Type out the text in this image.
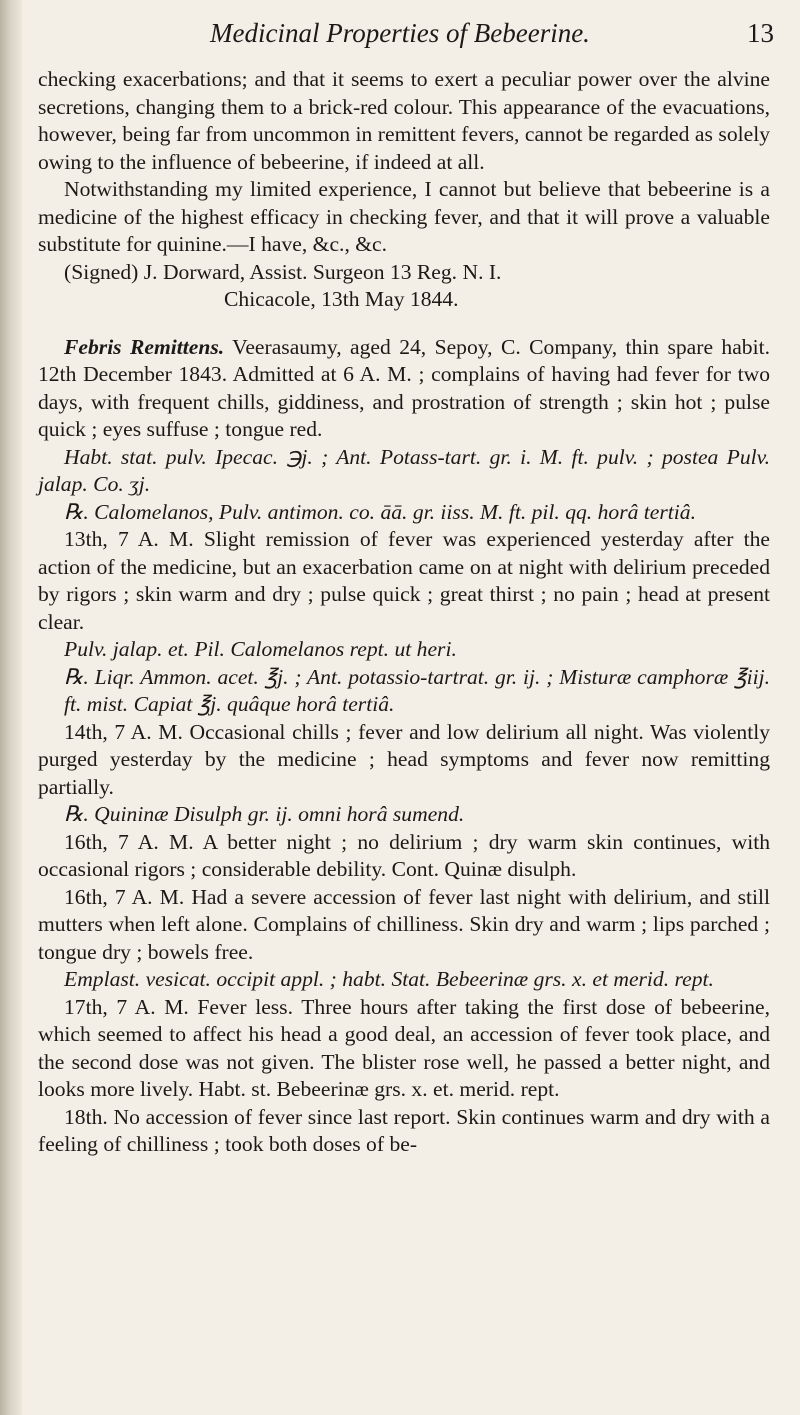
Medicinal Properties of Bebeerine.	13

checking exacerbations; and that it seems to exert a peculiar power over the alvine secretions, changing them to a brick-red colour. This appearance of the evacuations, however, being far from uncommon in remittent fevers, cannot be regarded as solely owing to the influence of bebeerine, if indeed at all.

Notwithstanding my limited experience, I cannot but believe that bebeerine is a medicine of the highest efficacy in checking fever, and that it will prove a valuable substitute for quinine.—I have, &c., &c.

(Signed) J. Dorward, Assist. Surgeon 13 Reg. N. I.

Chicacole, 13th May 1844.

Febris Remittens. Veerasaumy, aged 24, Sepoy, C. Company, thin spare habit. 12th December 1843. Admitted at 6 A. M. ; complains of having had fever for two days, with frequent chills, giddiness, and prostration of strength ; skin hot ; pulse quick ; eyes suffuse ; tongue red.

Habt. stat. pulv. Ipecac. ℈j. ; Ant. Potass-tart. gr. i. M. ft. pulv. ; postea Pulv. jalap. Co. ʒj.

℞. Calomelanos, Pulv. antimon. co. āā. gr. iiss. M. ft. pil. qq. horâ tertiâ.

13th, 7 A. M. Slight remission of fever was experienced yesterday after the action of the medicine, but an exacerbation came on at night with delirium preceded by rigors ; skin warm and dry ; pulse quick ; great thirst ; no pain ; head at present clear.

Pulv. jalap. et. Pil. Calomelanos rept. ut heri.

℞. Liqr. Ammon. acet. ℥j. ; Ant. potassio-tartrat. gr. ij. ; Misturæ camphoræ ℥iij. ft. mist. Capiat ℥j. quâque horâ tertiâ.

14th, 7 A. M. Occasional chills ; fever and low delirium all night. Was violently purged yesterday by the medicine ; head symptoms and fever now remitting partially.

℞. Quininæ Disulph gr. ij. omni horâ sumend.

16th, 7 A. M. A better night ; no delirium ; dry warm skin continues, with occasional rigors ; considerable debility. Cont. Quinæ disulph.

16th, 7 A. M. Had a severe accession of fever last night with delirium, and still mutters when left alone. Complains of chilliness. Skin dry and warm ; lips parched ; tongue dry ; bowels free.

Emplast. vesicat. occipit appl. ; habt. Stat. Bebeerinæ grs. x. et merid. rept.

17th, 7 A. M. Fever less. Three hours after taking the first dose of bebeerine, which seemed to affect his head a good deal, an accession of fever took place, and the second dose was not given. The blister rose well, he passed a better night, and looks more lively. Habt. st. Bebeerinæ grs. x. et. merid. rept.

18th. No accession of fever since last report. Skin continues warm and dry with a feeling of chilliness ; took both doses of be-
